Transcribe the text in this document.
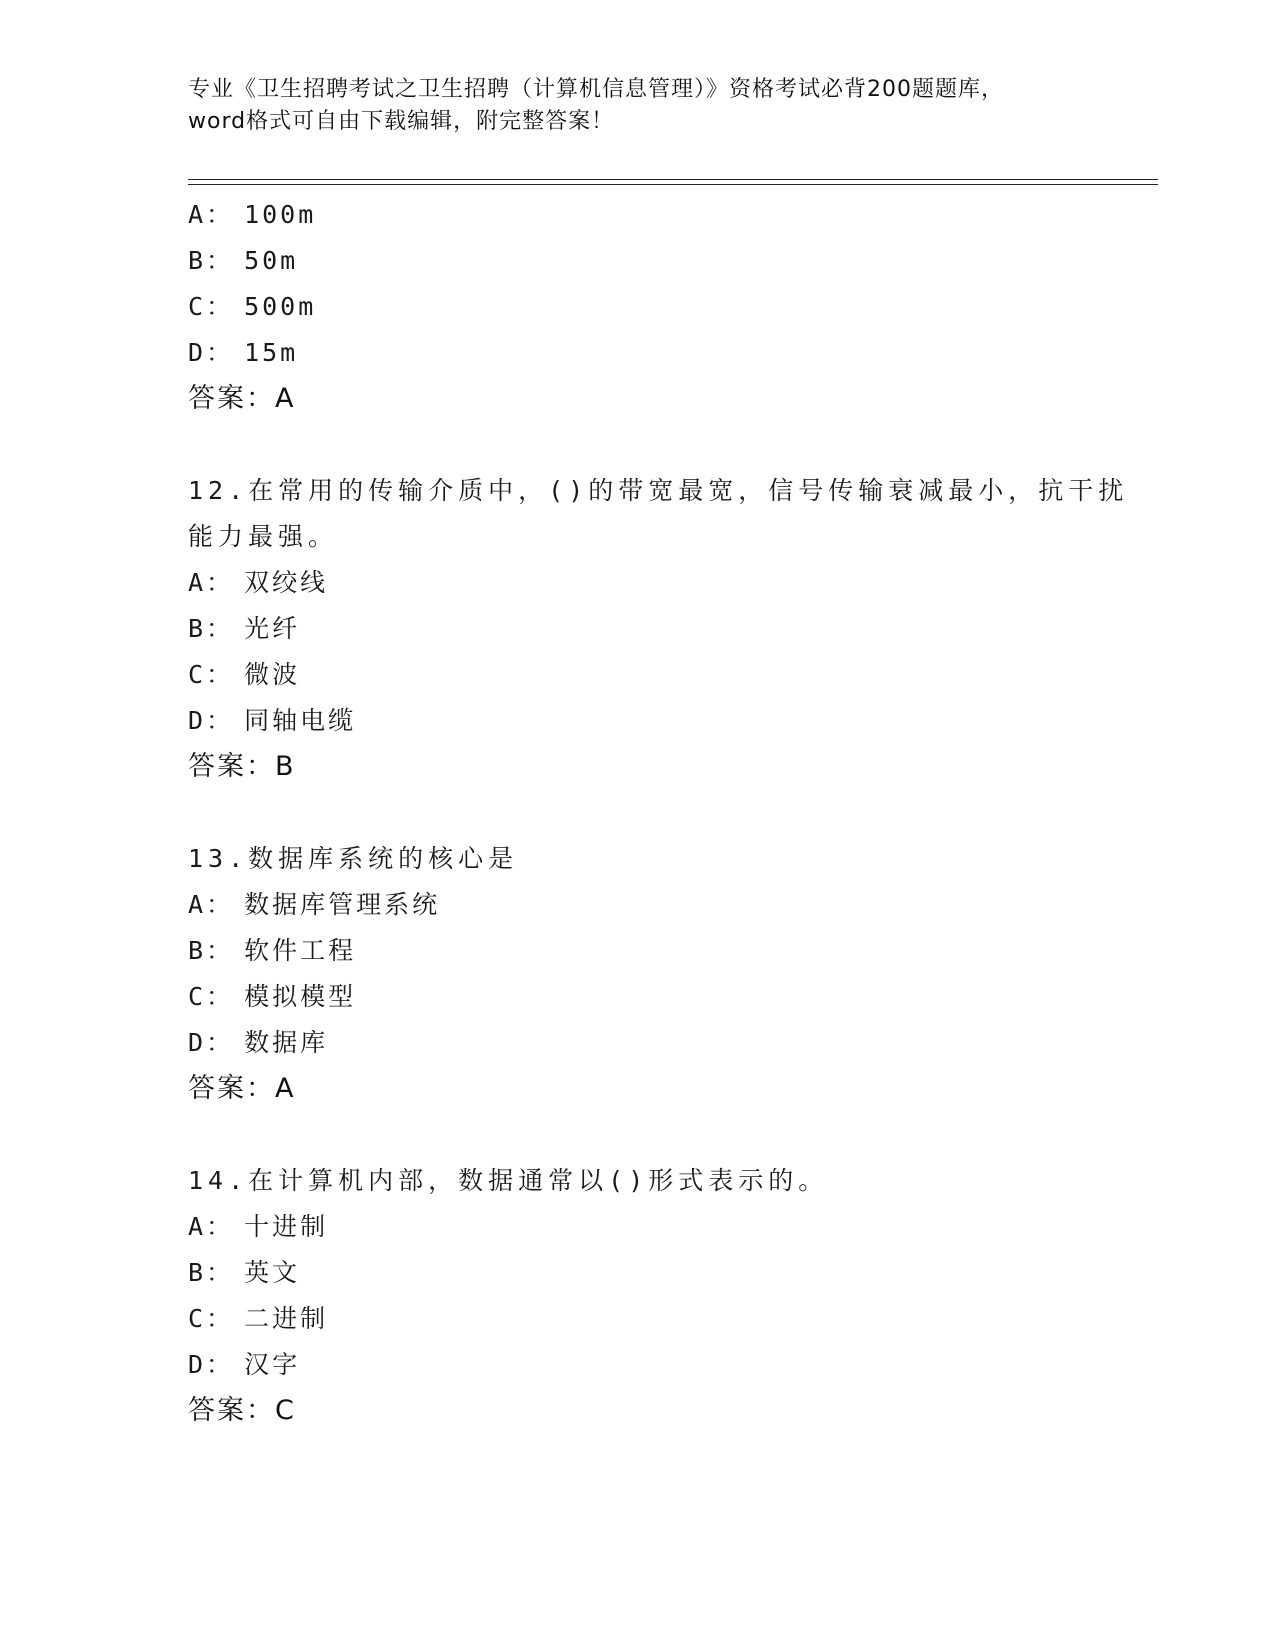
专业《卫生招聘考试之卫生招聘（计算机信息管理）》资格考试必背200题题库，
word格式可自由下载编辑，附完整答案！
A： 100m
B： 50m
C： 500m
D： 15m
答案：A
12.在常用的传输介质中，()的带宽最宽，信号传输衰减最小，抗干扰
能力最强。
A： 双绞线
B： 光纤
C： 微波
D： 同轴电缆
答案：B
13.数据库系统的核心是
A： 数据库管理系统
B： 软件工程
C： 模拟模型
D： 数据库
答案：A
14.在计算机内部，数据通常以()形式表示的。
A： 十进制
B： 英文
C： 二进制
D： 汉字
答案：C
